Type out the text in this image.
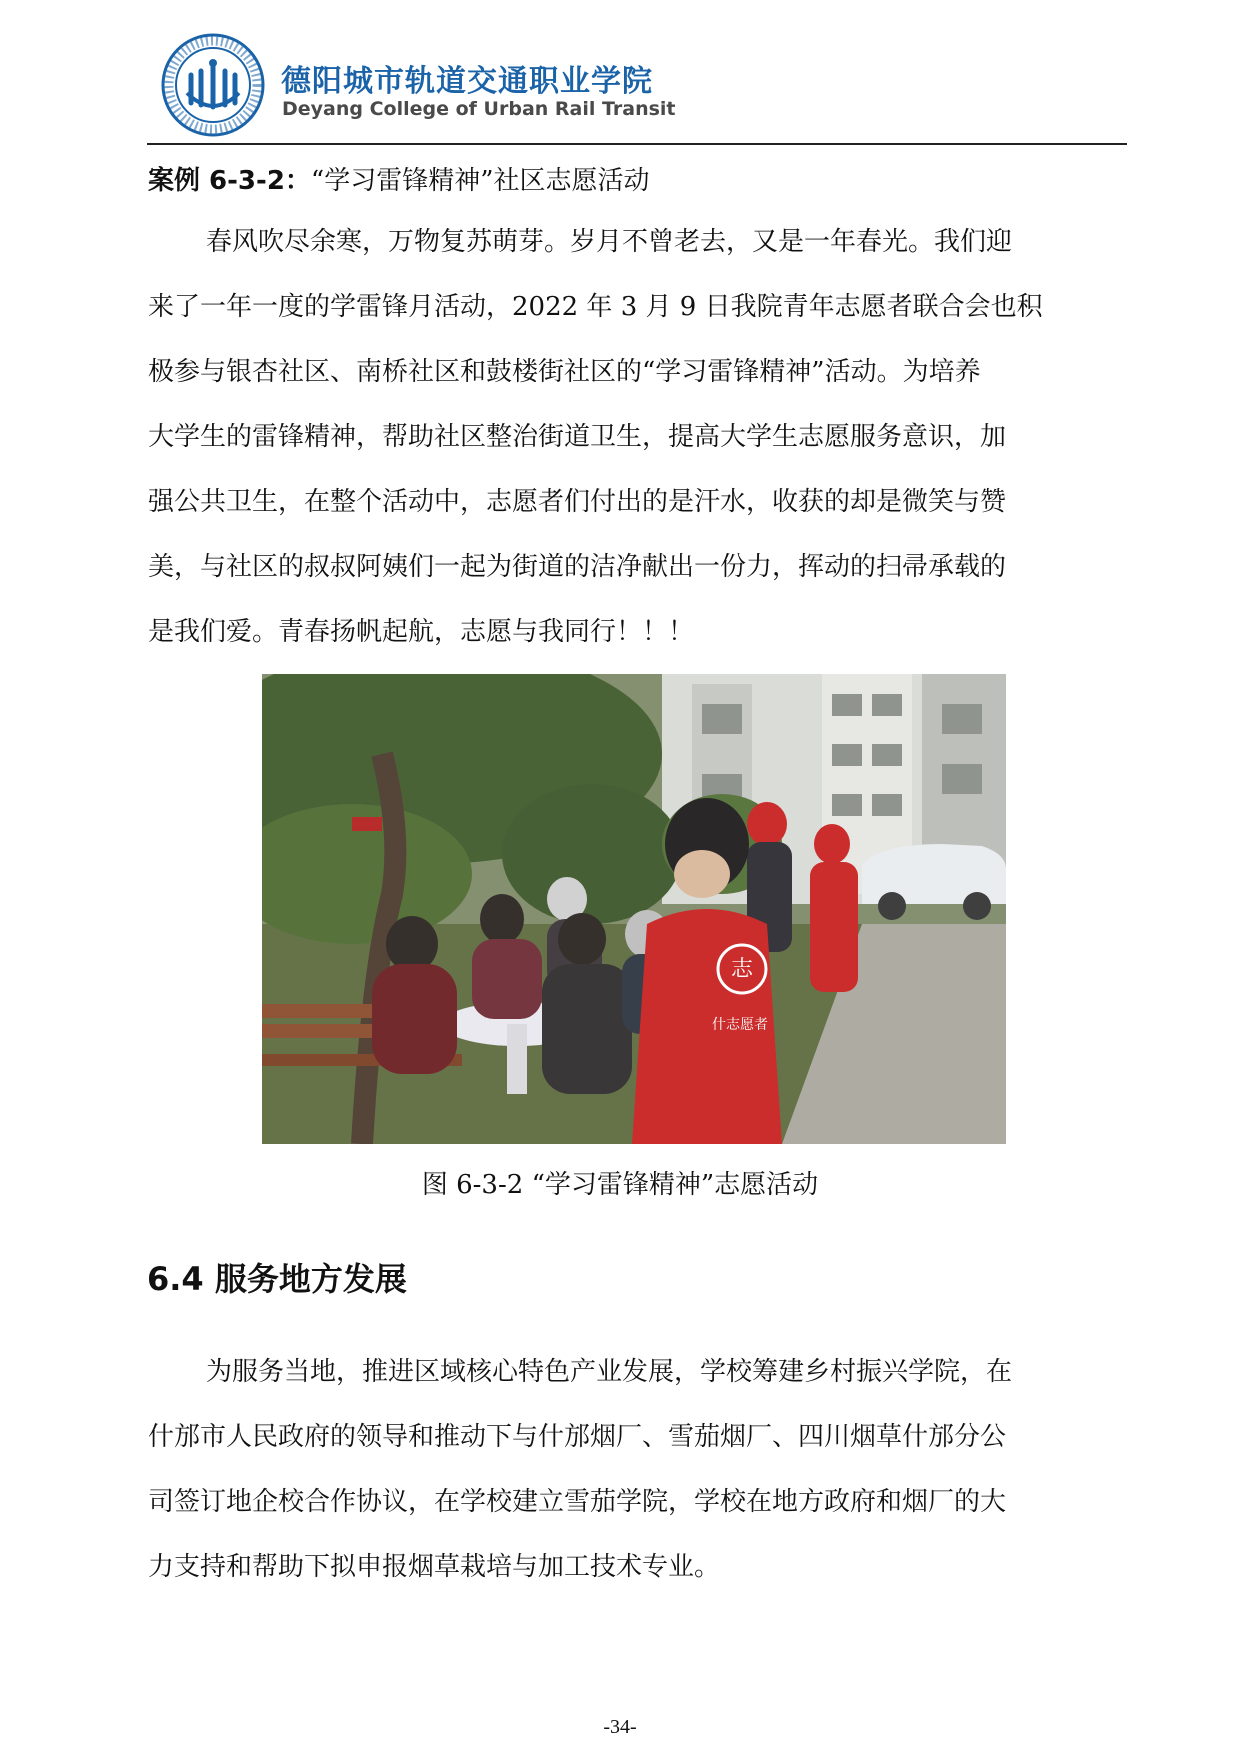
德阳城市轨道交通职业学院
Deyang College of Urban Rail Transit
案例 6-3-2：“学习雷锋精神”社区志愿活动
春风吹尽余寒，万物复苏萌芽。岁月不曾老去，又是一年春光。我们迎
来了一年一度的学雷锋月活动，2022 年 3 月 9 日我院青年志愿者联合会也积
极参与银杏社区、南桥社区和鼓楼街社区的“学习雷锋精神”活动。为培养
大学生的雷锋精神，帮助社区整治街道卫生，提高大学生志愿服务意识，加
强公共卫生，在整个活动中，志愿者们付出的是汗水，收获的却是微笑与赞
美，与社区的叔叔阿姨们一起为街道的洁净献出一份力，挥动的扫帚承载的
是我们爱。青春扬帆起航，志愿与我同行！！！
志
什志愿者
图 6-3-2 “学习雷锋精神”志愿活动
6.4 服务地方发展
为服务当地，推进区域核心特色产业发展，学校筹建乡村振兴学院，在
什邡市人民政府的领导和推动下与什邡烟厂、雪茄烟厂、四川烟草什邡分公
司签订地企校合作协议，在学校建立雪茄学院，学校在地方政府和烟厂的大
力支持和帮助下拟申报烟草栽培与加工技术专业。
-34-
